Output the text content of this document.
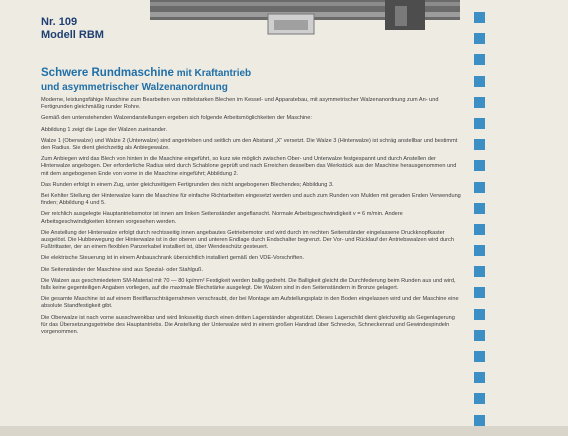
Nr. 109
Modell RBM
Schwere Rundmaschine mit Kraftantrieb
und asymmetrischer Walzenanordnung

Moderne, leistungsfähige Maschine zum Bearbeiten von mittelstarken Blechen im Kessel- und Apparatebau, mit asymmetrischer Walzenanordnung zum An- und Fertigrunden gleichmäßig runder Rohre.

Gemäß den untenstehenden Walzendarstellungen ergeben sich folgende Arbeitsmöglichkeiten der Maschine:

Abbildung 1 zeigt die Lage der Walzen zueinander.

Walze 1 (Oberwalze) und Walze 2 (Unterwalze) sind angetrieben und seitlich um den Abstand „X“ versetzt. Die Walze 3 (Hinterwalze) ist schräg anstellbar und bestimmt den Radius. Sie dient gleichzeitig als Anbiegewalze.

Zum Anbiegen wird das Blech von hinten in die Maschine eingeführt, so kurz wie möglich zwischen Ober- und Unterwalze festgespannt und durch Anstellen der Hinterwalze angebogen. Der erforderliche Radius wird durch Schablone geprüft und nach Erreichen desselben das Werkstück aus der Maschine herausgenommen und mit dem angebogenen Ende von vorne in die Maschine eingeführt; Abbildung 2.

Das Runden erfolgt in einem Zug, unter gleichzeitigem Fertigrunden des nicht angebogenen Blechendes; Abbildung 3.

Bei Kehlter Stellung der Hinterwalze kann die Maschine für einfache Richtarbeiten eingesetzt werden und auch zum Runden von Mulden mit geraden Enden Verwendung finden; Abbildung 4 und 5.

Der reichlich ausgelegte Hauptantriebsmotor ist innen am linken Seitenständer angeflanscht. Normale Arbeitsgeschwindigkeit v = 6 m/min. Andere Arbeitsgeschwindigkeiten können vorgesehen werden.

Die Anstellung der Hinterwalze erfolgt durch rechtsseitig innen angebautes Getriebemotor und wird durch im rechten Seitenständer eingelassene Druckknopfkaster ausgelöst. Die Hubbewegung der Hinterwalze ist in der oberen und unteren Endlage durch Endschalter begrenzt. Der Vor- und Rücklauf der Antriebswalzen wird durch Fußtrittaster, der an einem flexiblen Panzerkabel installiert ist, über Wendeschütz gesteuert.

Die elektrische Steuerung ist in einem Anbauschrank übersichtlich installiert gemäß den VDE-Vorschriften.

Die Seitenständer der Maschine sind aus Spezial- oder Stahlguß.

Die Walzen aus geschmiedetem SM-Material mit 70 — 80 kp/mm² Festigkeit werden ballig gedreht. Die Balligkeit gleicht die Durchfederung beim Runden aus und wird, falls keine gegenteiligen Angaben vorliegen, auf die maximale Blechstärke ausgelegt. Die Walzen sind in den Seitenständern in Bronze gelagert.

Die gesamte Maschine ist auf einem Breitflanschträgerrahmen verschraubt, der bei Montage am Aufstellungsplatz in den Boden eingelassen wird und der Maschine eine absolute Standfestigkeit gibt.

Die Oberwalze ist nach vorne ausschwenkbar und wird linksseitig durch einen dritten Lagerständer abgestützt. Dieses Lagerschild dient gleichzeitig als Gegenlagerung für das Übersetzungsgetriebe des Hauptantriebs. Die Anstellung der Unterwalze wird in einem großen Handrad über Schnecke, Schneckenrad und Gewindespindeln vorgenommen.
